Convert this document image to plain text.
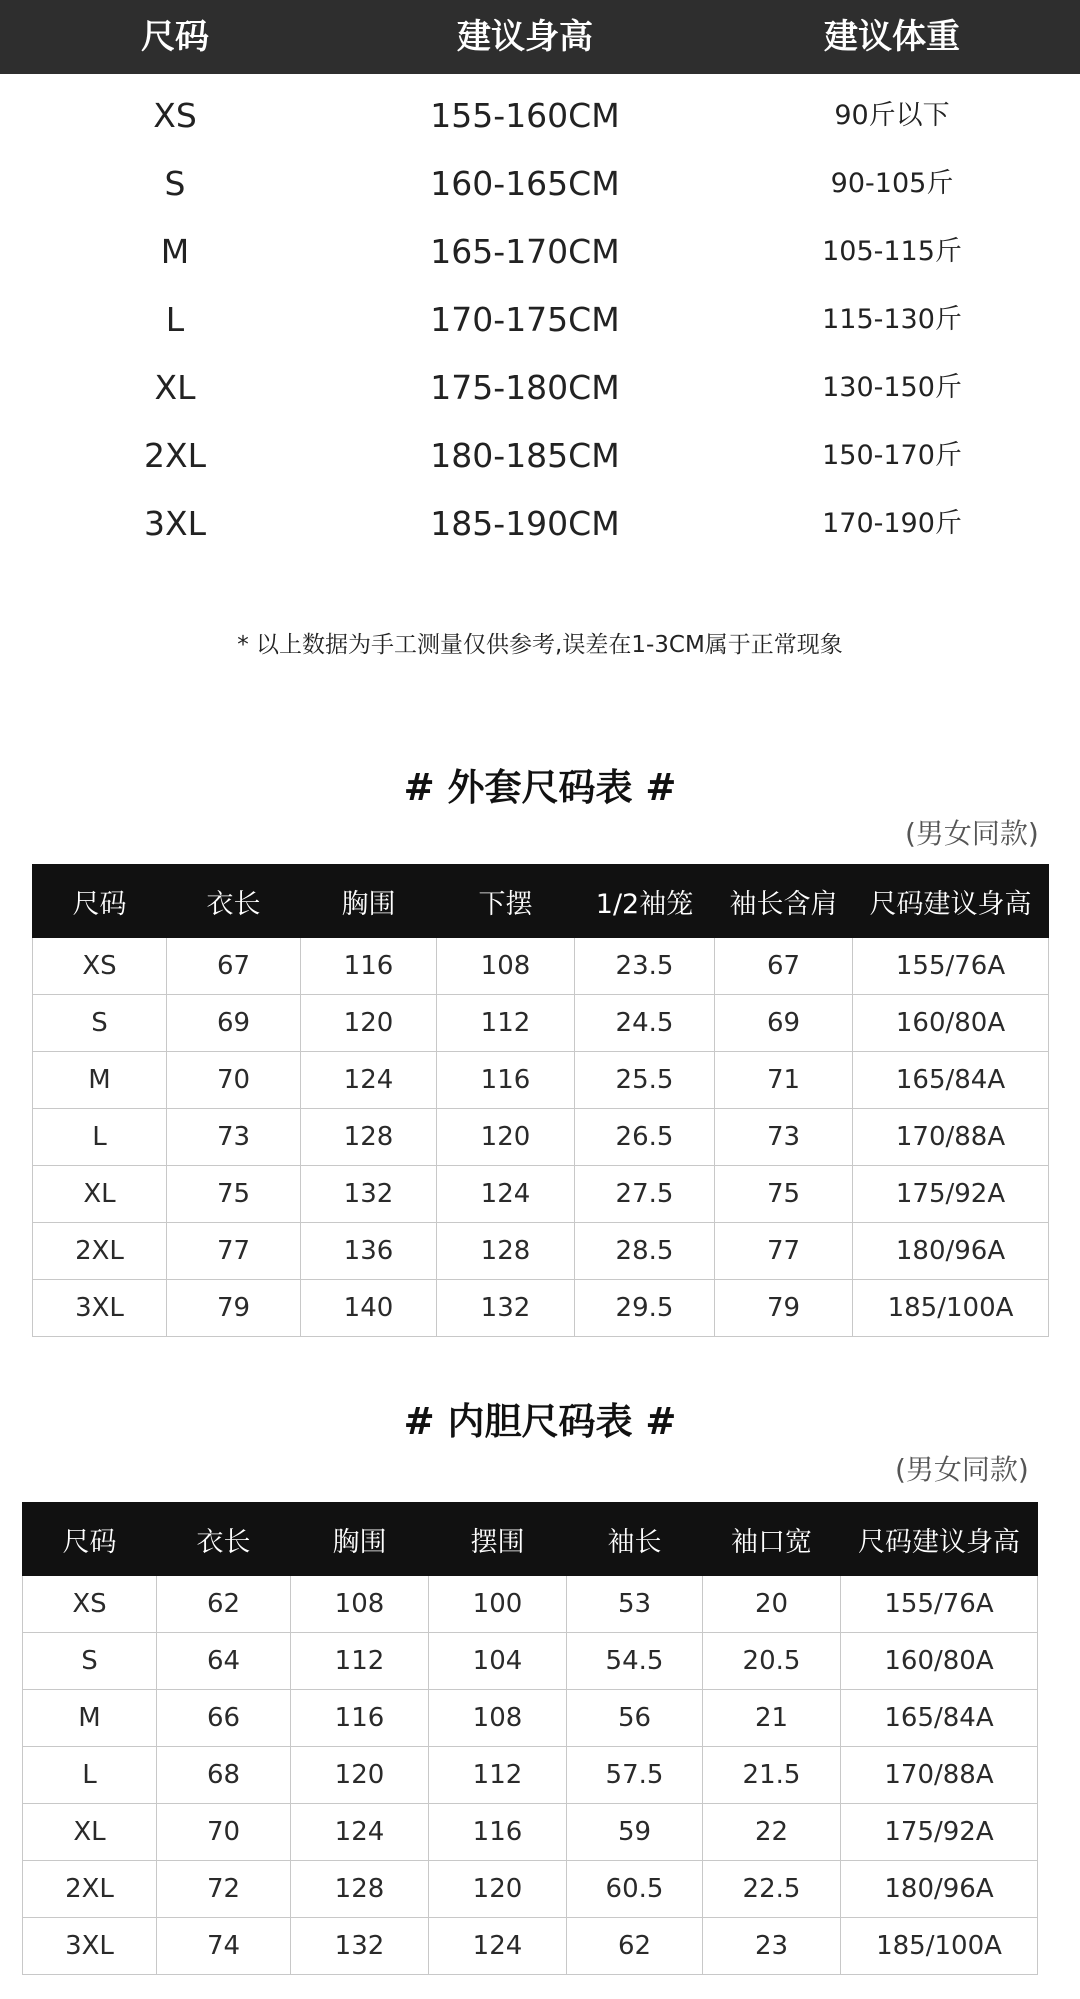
尺码	建议身高	建议体重
XS	155-160CM	90斤以下
S	160-165CM	90-105斤
M	165-170CM	105-115斤
L	170-175CM	115-130斤
XL	175-180CM	130-150斤
2XL	180-185CM	150-170斤
3XL	185-190CM	170-190斤
* 以上数据为手工测量仅供参考,误差在1-3CM属于正常现象
# 外套尺码表 #
(男女同款)
尺码	衣长	胸围	下摆	1/2袖笼	袖长含肩	尺码建议身高
XS	67	116	108	23.5	67	155/76A
S	69	120	112	24.5	69	160/80A
M	70	124	116	25.5	71	165/84A
L	73	128	120	26.5	73	170/88A
XL	75	132	124	27.5	75	175/92A
2XL	77	136	128	28.5	77	180/96A
3XL	79	140	132	29.5	79	185/100A
# 内胆尺码表 #
(男女同款)
尺码	衣长	胸围	摆围	袖长	袖口宽	尺码建议身高
XS	62	108	100	53	20	155/76A
S	64	112	104	54.5	20.5	160/80A
M	66	116	108	56	21	165/84A
L	68	120	112	57.5	21.5	170/88A
XL	70	124	116	59	22	175/92A
2XL	72	128	120	60.5	22.5	180/96A
3XL	74	132	124	62	23	185/100A
